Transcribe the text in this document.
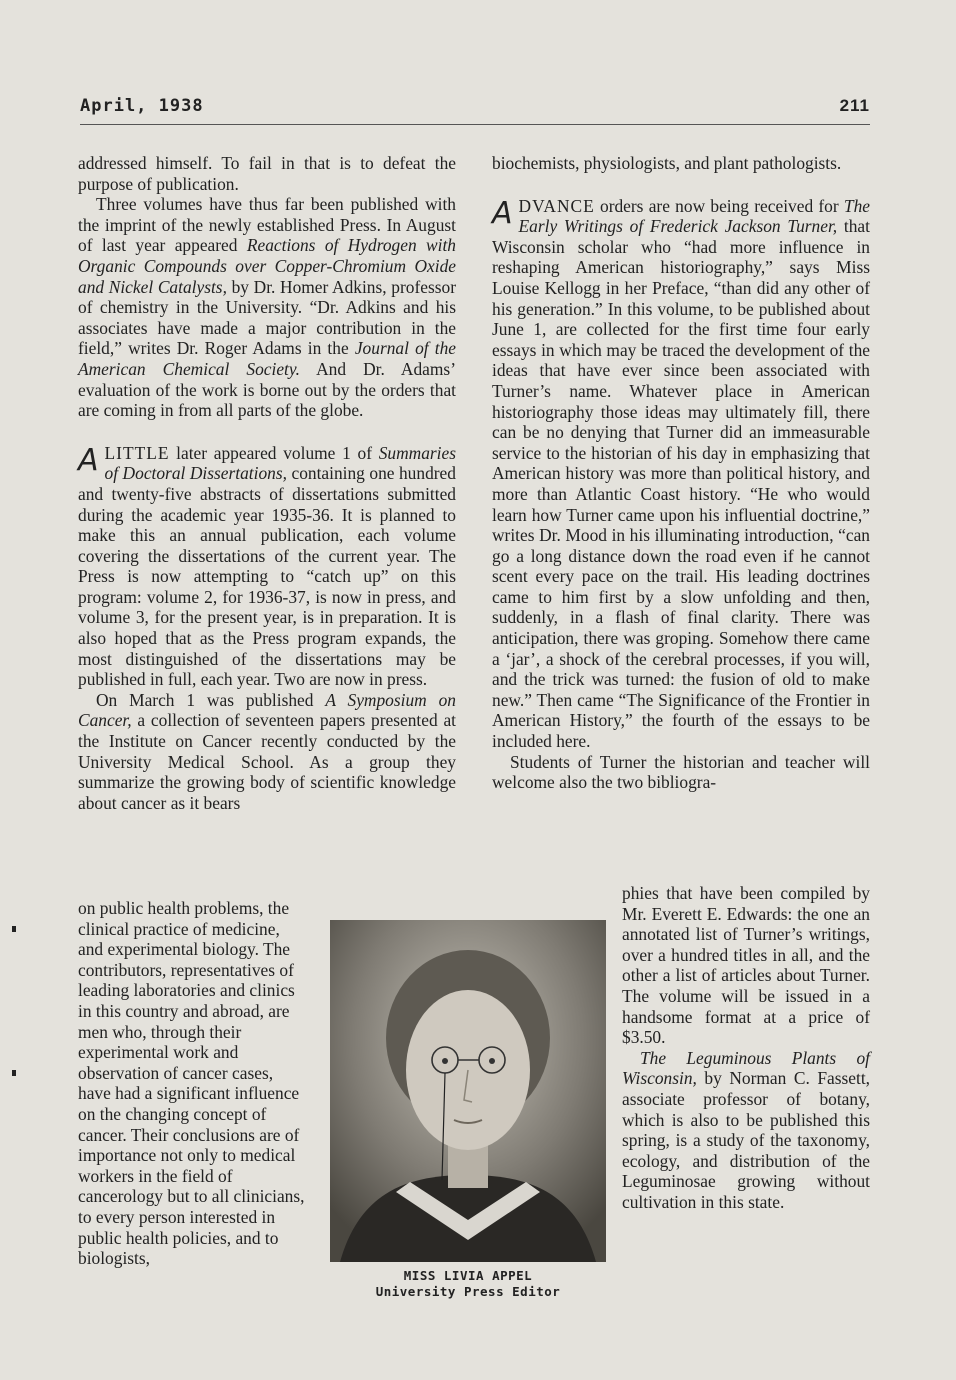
April, 1938	211

addressed himself. To fail in that is to defeat the purpose of publication.

Three volumes have thus far been published with the imprint of the newly established Press. In August of last year appeared Reactions of Hydrogen with Organic Compounds over Copper-Chromium Oxide and Nickel Catalysts, by Dr. Homer Adkins, professor of chemistry in the University. “Dr. Adkins and his associates have made a major contribution in the field,” writes Dr. Roger Adams in the Journal of the American Chemical Society. And Dr. Adams’ evaluation of the work is borne out by the orders that are coming in from all parts of the globe.

ALITTLE later appeared volume 1 of Summaries of Doctoral Dissertations, containing one hundred and twenty-five abstracts of dissertations submitted during the academic year 1935-36. It is planned to make this an annual publication, each volume covering the dissertations of the current year. The Press is now attempting to “catch up” on this program: volume 2, for 1936-37, is now in press, and volume 3, for the present year, is in preparation. It is also hoped that as the Press program expands, the most distinguished of the dissertations may be published in full, each year. Two are now in press.

On March 1 was published A Symposium on Cancer, a collection of seventeen papers presented at the Institute on Cancer recently conducted by the University Medical School. As a group they summarize the growing body of scientific knowledge about cancer as it bears

on public health problems, the clinical practice of medicine, and experimental biology. The contributors, representatives of leading laboratories and clinics in this country and abroad, are men who, through their experimental work and observation of cancer cases, have had a significant influence on the changing concept of cancer. Their conclusions are of importance not only to medical workers in the field of cancerology but to all clinicians, to every person interested in public health policies, and to biologists,

biochemists, physiologists, and plant pathologists.

ADVANCE orders are now being received for The Early Writings of Frederick Jackson Turner, that Wisconsin scholar who “had more influence in reshaping American historiography,” says Miss Louise Kellogg in her Preface, “than did any other of his generation.” In this volume, to be published about June 1, are collected for the first time four early essays in which may be traced the development of the ideas that have ever since been associated with Turner’s name. Whatever place in American historiography those ideas may ultimately fill, there can be no denying that Turner did an immeasurable service to the historian of his day in emphasizing that American history was more than political history, and more than Atlantic Coast history. “He who would learn how Turner came upon his influential doctrine,” writes Dr. Mood in his illuminating introduction, “can go a long distance down the road even if he cannot scent every pace on the trail. His leading doctrines came to him first by a slow unfolding and then, suddenly, in a flash of final clarity. There was anticipation, there was groping. Somehow there came a ‘jar’, a shock of the cerebral processes, if you will, and the trick was turned: the fusion of old to make new.” Then came “The Significance of the Frontier in American History,” the fourth of the essays to be included here.

Students of Turner the historian and teacher will welcome also the two bibliogra-

phies that have been compiled by Mr. Everett E. Edwards: the one an annotated list of Turner’s writings, over a hundred titles in all, and the other a list of articles about Turner. The volume will be issued in a handsome format at a price of $3.50.

The Leguminous Plants of Wisconsin, by Norman C. Fassett, associate professor of botany, which is also to be published this spring, is a study of the taxonomy, ecology, and distribution of the Leguminosae growing without cultivation in this state.

MISS LIVIA APPEL
University Press Editor
